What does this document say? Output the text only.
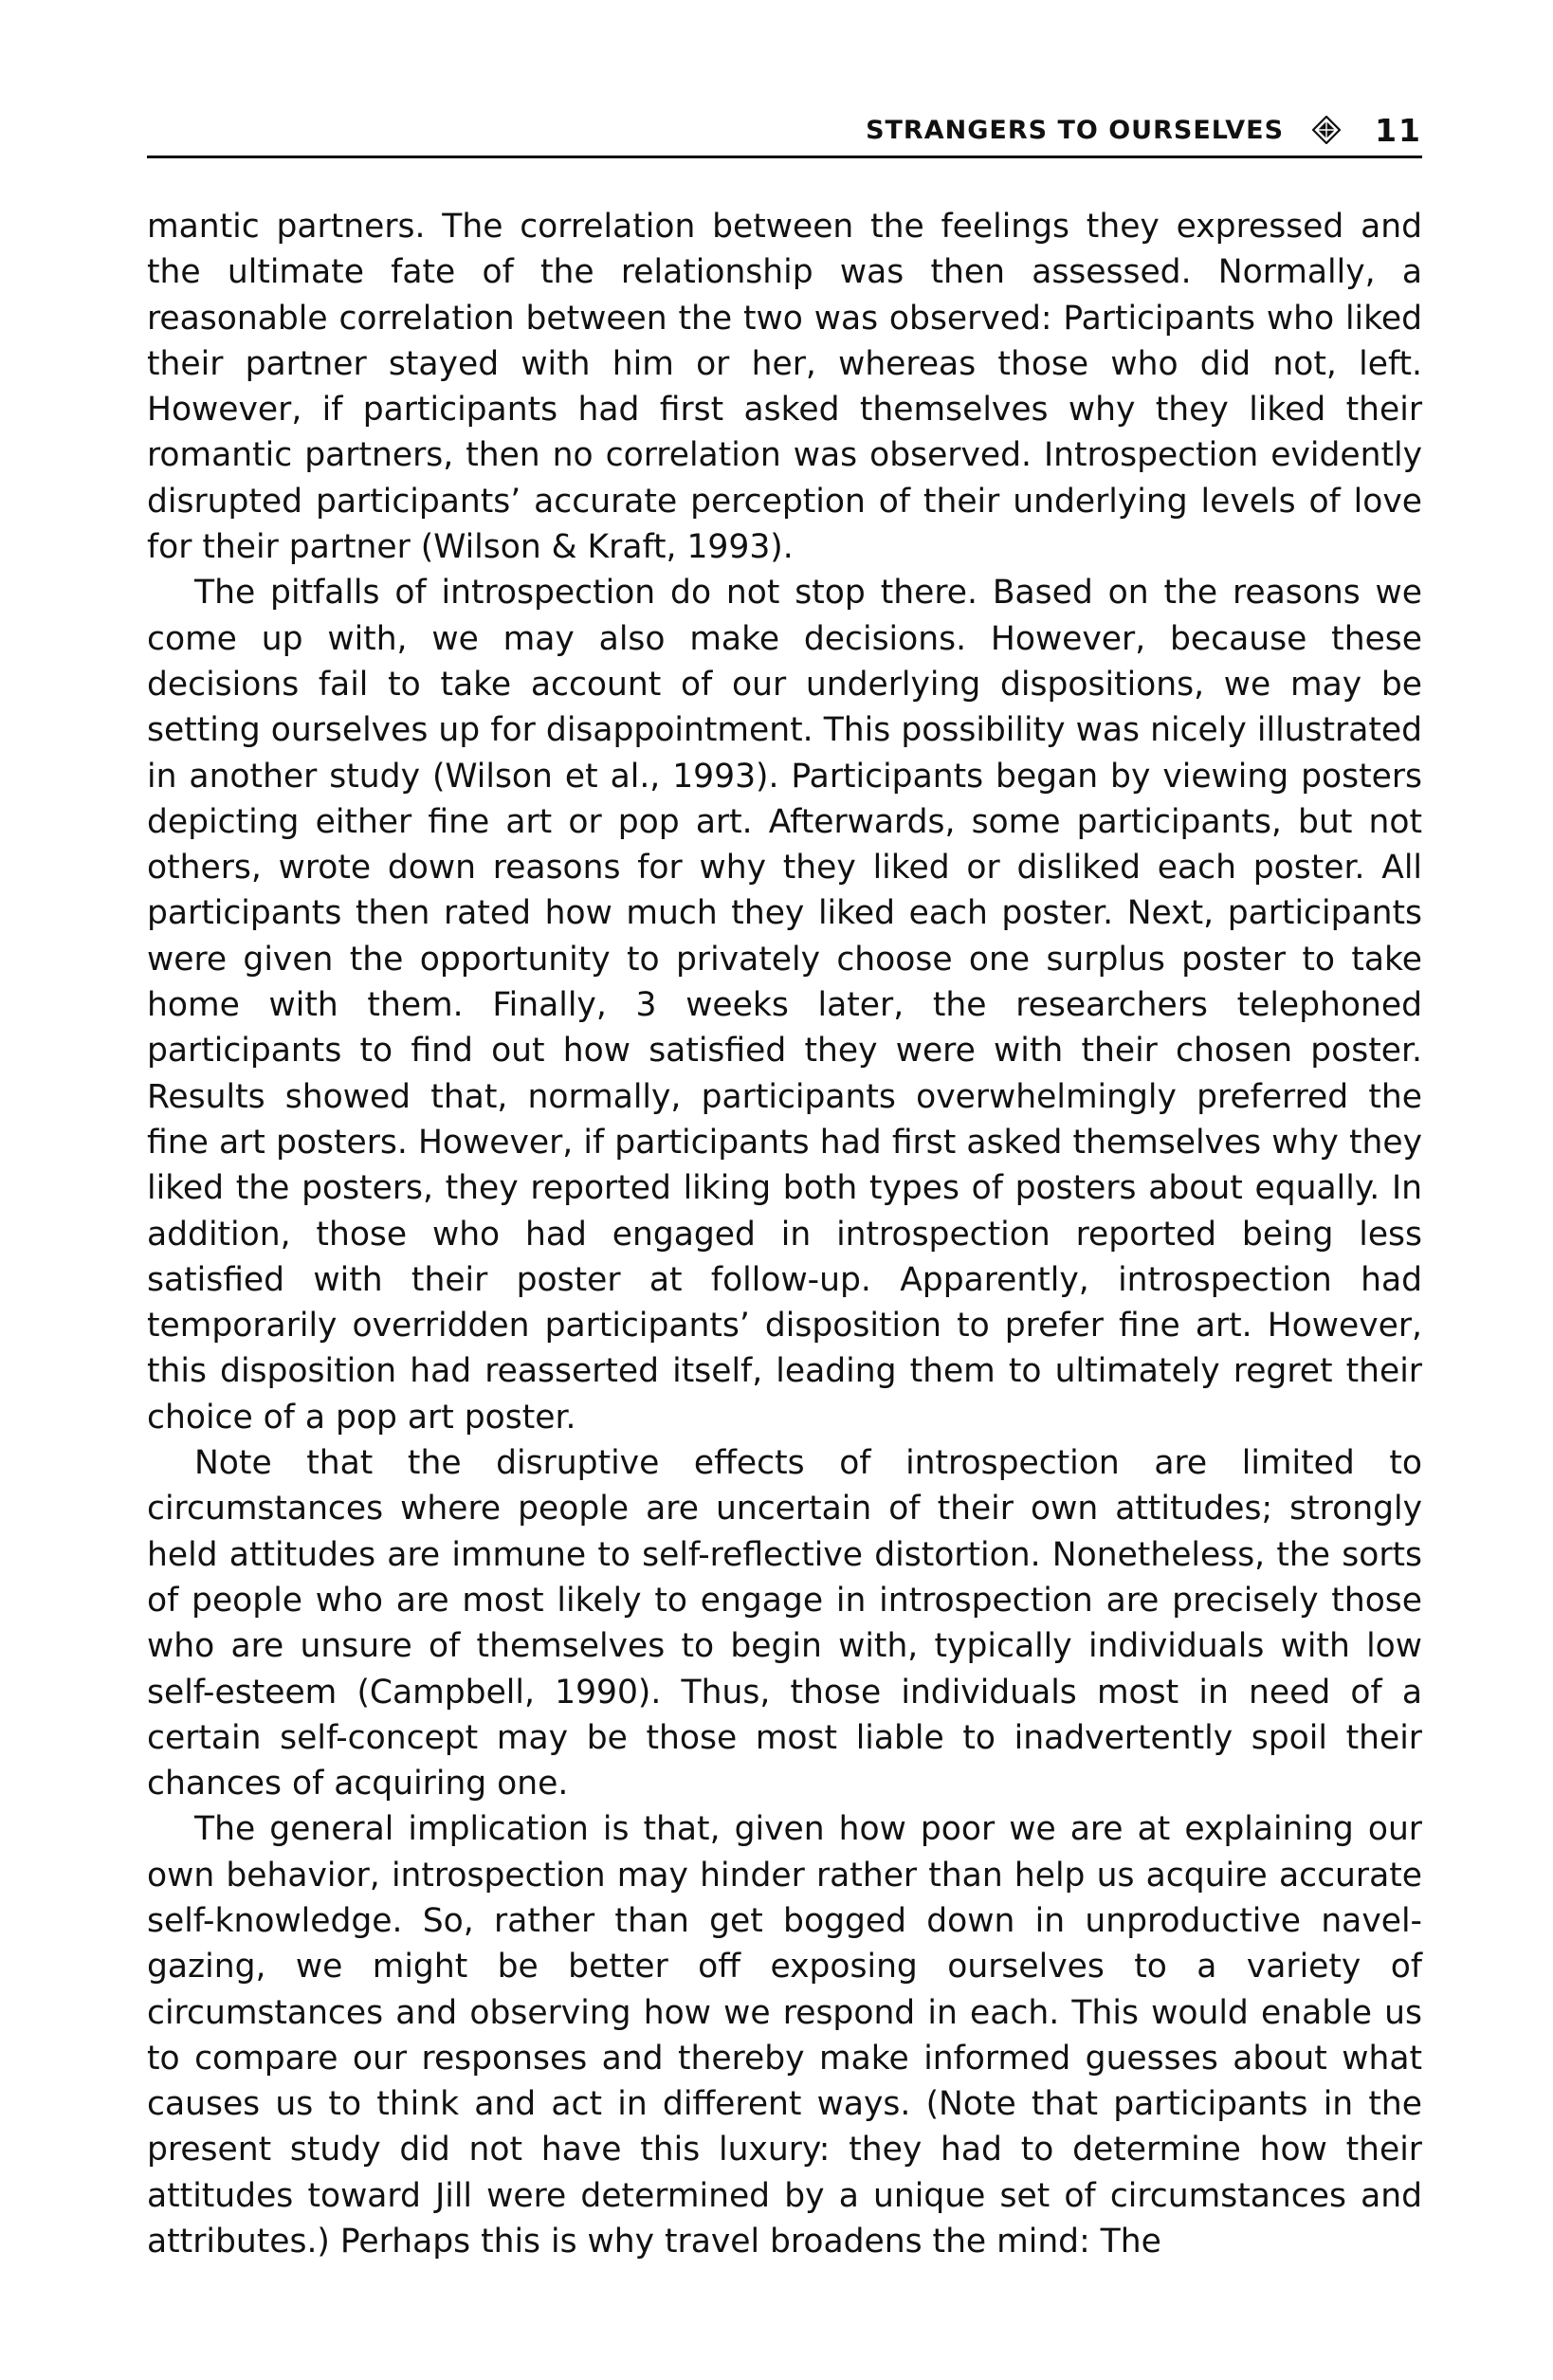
STRANGERS TO OURSELVES	11

mantic partners. The correlation between the feelings they expressed and the ultimate fate of the relationship was then assessed. Normally, a reasonable correlation between the two was observed: Participants who liked their partner stayed with him or her, whereas those who did not, left. However, if participants had first asked themselves why they liked their romantic partners, then no correlation was observed. Introspection evidently disrupted participants’ accurate perception of their underlying levels of love for their partner (Wilson & Kraft, 1993).

The pitfalls of introspection do not stop there. Based on the reasons we come up with, we may also make decisions. However, because these decisions fail to take account of our underlying dispositions, we may be setting ourselves up for disappointment. This possibility was nicely illustrated in another study (Wilson et al., 1993). Participants began by viewing posters depicting either fine art or pop art. Afterwards, some participants, but not others, wrote down reasons for why they liked or disliked each poster. All participants then rated how much they liked each poster. Next, participants were given the opportunity to privately choose one surplus poster to take home with them. Finally, 3 weeks later, the researchers telephoned participants to find out how satisfied they were with their chosen poster. Results showed that, normally, participants overwhelmingly preferred the fine art posters. However, if participants had first asked themselves why they liked the posters, they reported liking both types of posters about equally. In addition, those who had engaged in introspection reported being less satisfied with their poster at follow-up. Apparently, introspection had temporarily overridden participants’ disposition to prefer fine art. However, this disposition had reasserted itself, leading them to ultimately regret their choice of a pop art poster.

Note that the disruptive effects of introspection are limited to circumstances where people are uncertain of their own attitudes; strongly held attitudes are immune to self-reflective distortion. Nonetheless, the sorts of people who are most likely to engage in introspection are precisely those who are unsure of themselves to begin with, typically individuals with low self-esteem (Campbell, 1990). Thus, those individuals most in need of a certain self-concept may be those most liable to inadvertently spoil their chances of acquiring one.

The general implication is that, given how poor we are at explaining our own behavior, introspection may hinder rather than help us acquire accurate self-knowledge. So, rather than get bogged down in unproductive navel-gazing, we might be better off exposing ourselves to a variety of circumstances and observing how we respond in each. This would enable us to compare our responses and thereby make informed guesses about what causes us to think and act in different ways. (Note that participants in the present study did not have this luxury: they had to determine how their attitudes toward Jill were determined by a unique set of circumstances and attributes.) Perhaps this is why travel broadens the mind: The
